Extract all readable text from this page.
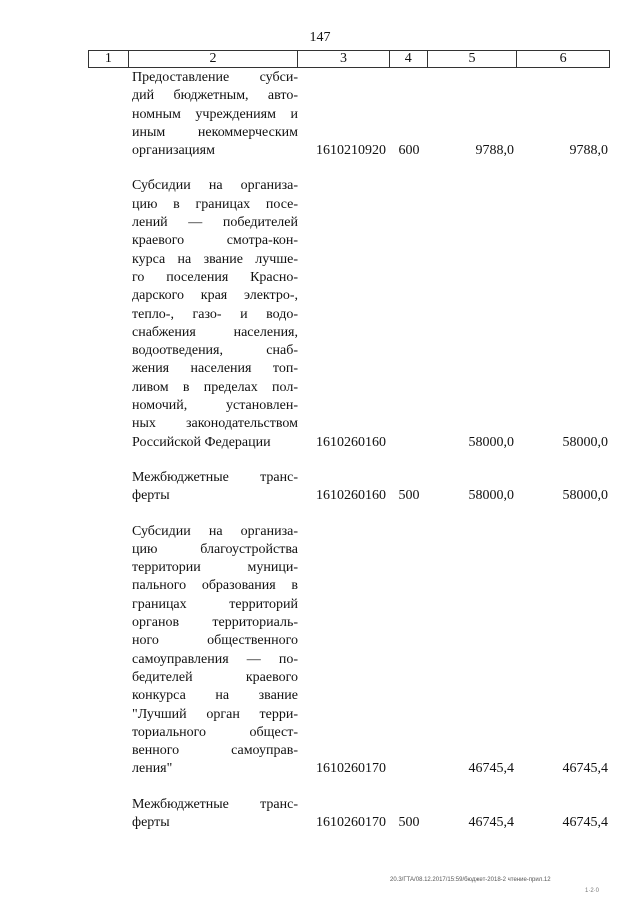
147
1	2	3	4	5	6
Предоставление субси-
дий бюджетным, авто-
номным учреждениям и
иным некоммерческим
организациям	1610210920 600	9788,0	9788,0
Субсидии на организа-
цию в границах посе-
лений — победителей
краевого смотра-кон-
курса на звание лучше-
го поселения Красно-
дарского края электро-,
тепло-, газо- и водо-
снабжения населения,
водоотведения, снаб-
жения населения топ-
ливом в пределах пол-
номочий, установлен-
ных законодательством
Российской Федерации	1610260160	58000,0	58000,0
Межбюджетные транс-
ферты	1610260160 500	58000,0	58000,0
Субсидии на организа-
цию благоустройства
территории муници-
пального образования в
границах территорий
органов территориаль-
ного общественного
самоуправления — по-
бедителей краевого
конкурса на звание
"Лучший орган терри-
ториального общест-
венного самоуправ-
ления"	1610260170	46745,4	46745,4
Межбюджетные транс-
ферты	1610260170 500	46745,4	46745,4
20.3/ГТА/08.12.2017/15:59/бюджет-2018-2 чтение-прил.12
1·2·0
